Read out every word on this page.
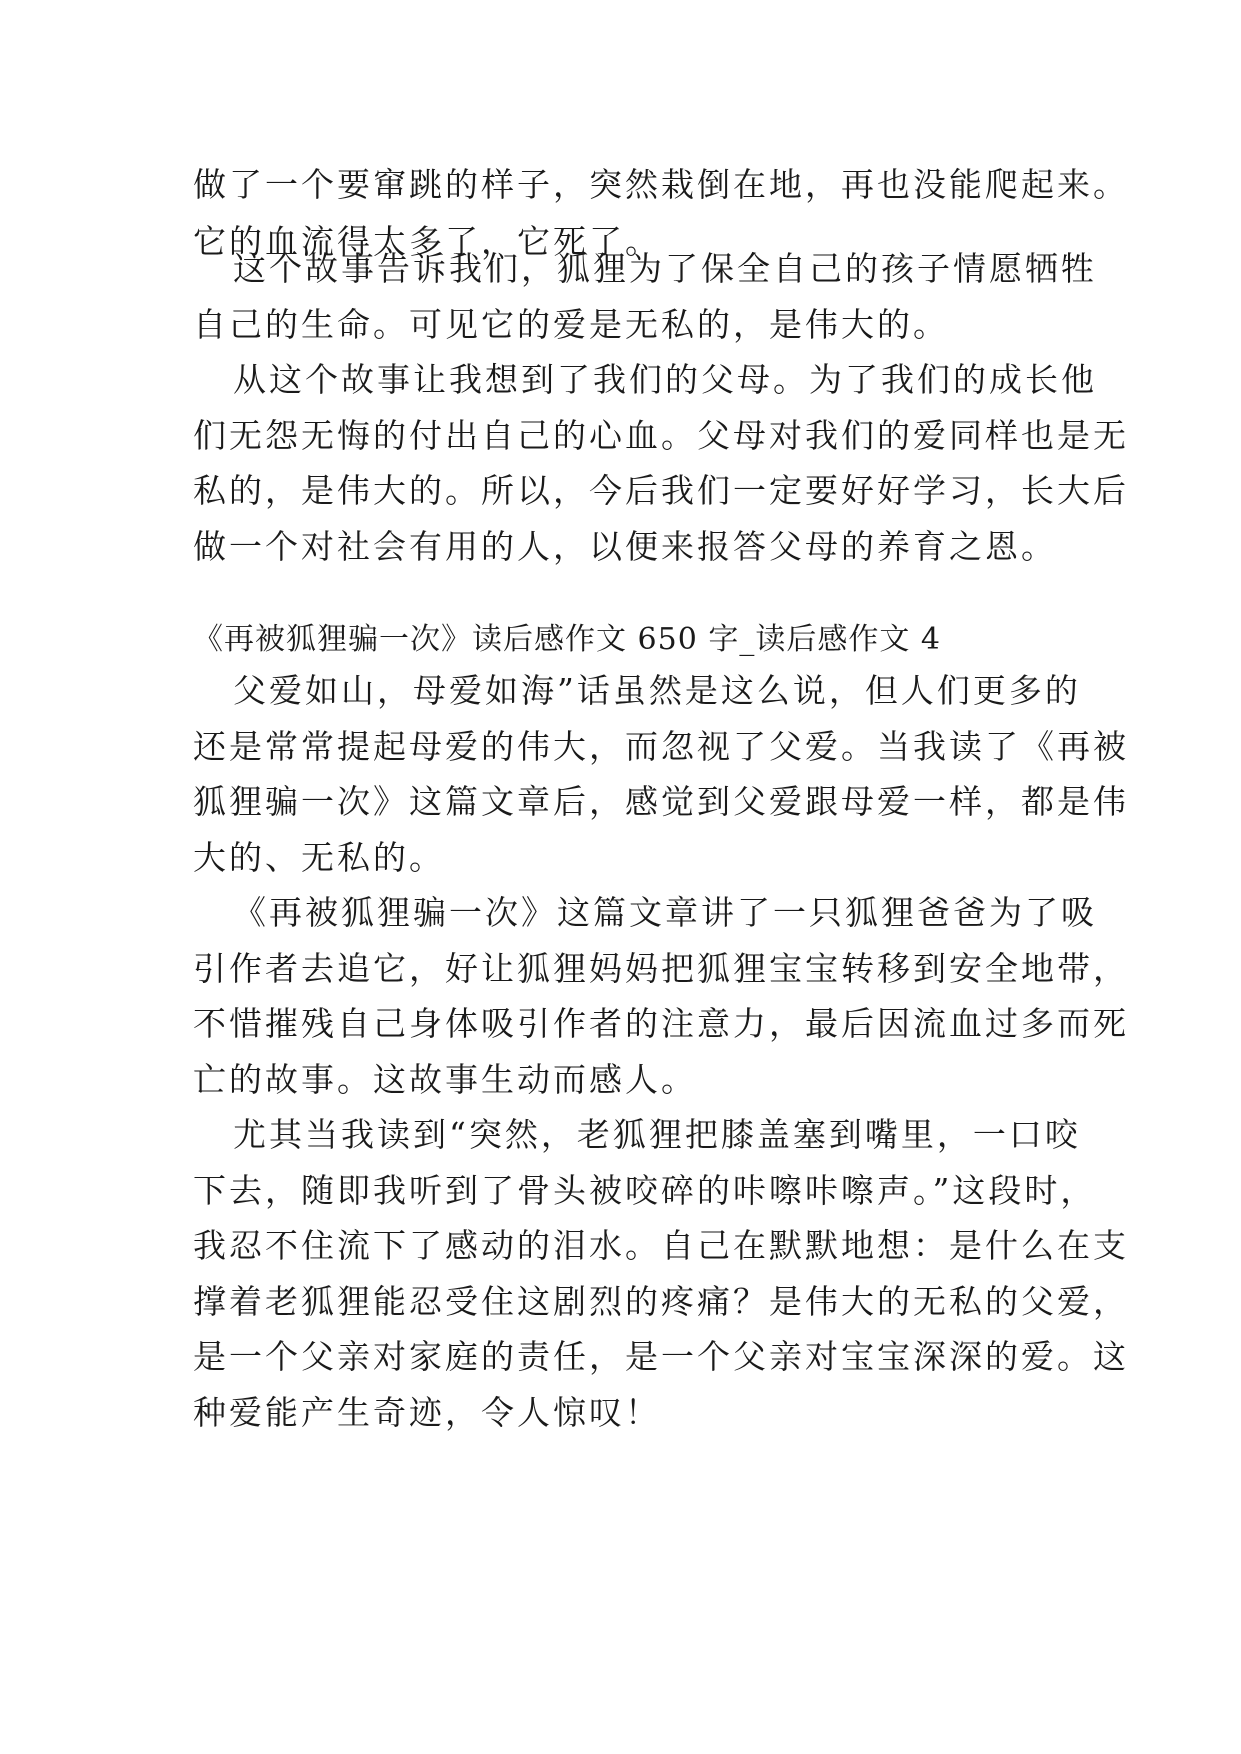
做了一个要窜跳的样子，突然栽倒在地，再也没能爬起来。
它的血流得太多了，它死了。
这个故事告诉我们，狐狸为了保全自己的孩子情愿牺牲
自己的生命。可见它的爱是无私的，是伟大的。
从这个故事让我想到了我们的父母。为了我们的成长他
们无怨无悔的付出自己的心血。父母对我们的爱同样也是无
私的，是伟大的。所以，今后我们一定要好好学习，长大后
做一个对社会有用的人，以便来报答父母的养育之恩。
《再被狐狸骗一次》读后感作文 650 字_读后感作文 4
父爱如山，母爱如海”话虽然是这么说，但人们更多的
还是常常提起母爱的伟大，而忽视了父爱。当我读了《再被
狐狸骗一次》这篇文章后，感觉到父爱跟母爱一样，都是伟
大的、无私的。
《再被狐狸骗一次》这篇文章讲了一只狐狸爸爸为了吸
引作者去追它，好让狐狸妈妈把狐狸宝宝转移到安全地带，
不惜摧残自己身体吸引作者的注意力，最后因流血过多而死
亡的故事。这故事生动而感人。
尤其当我读到“突然，老狐狸把膝盖塞到嘴里，一口咬
下去，随即我听到了骨头被咬碎的咔嚓咔嚓声。”这段时，
我忍不住流下了感动的泪水。自己在默默地想：是什么在支
撑着老狐狸能忍受住这剧烈的疼痛？是伟大的无私的父爱，
是一个父亲对家庭的责任，是一个父亲对宝宝深深的爱。这
种爱能产生奇迹，令人惊叹！
